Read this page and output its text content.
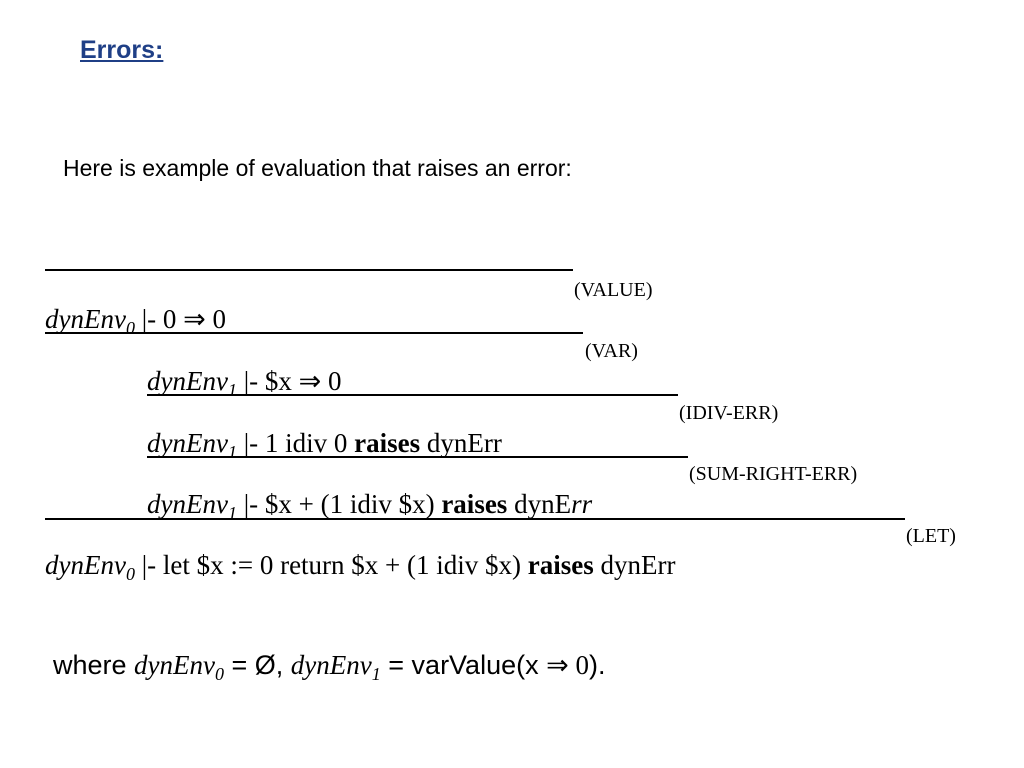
Errors:
Here is example of evaluation that raises an error:
(VALUE)
dynEnv$_0$ |- 0 ⇒ 0
(VAR)
dynEnv$_1$ |- $x ⇒ 0
(IDIV-ERR)
dynEnv$_1$ |- 1 idiv 0 raises dynErr
(SUM-RIGHT-ERR)
dynEnv$_1$ |- $x + (1 idiv $x) raises dynErr
(LET)
dynEnv$_0$ |- let $x := 0 return $x + (1 idiv $x) raises dynErr
where dynEnv$_0$ = Ø, dynEnv$_1$ = varValue(x ⇒ 0).
